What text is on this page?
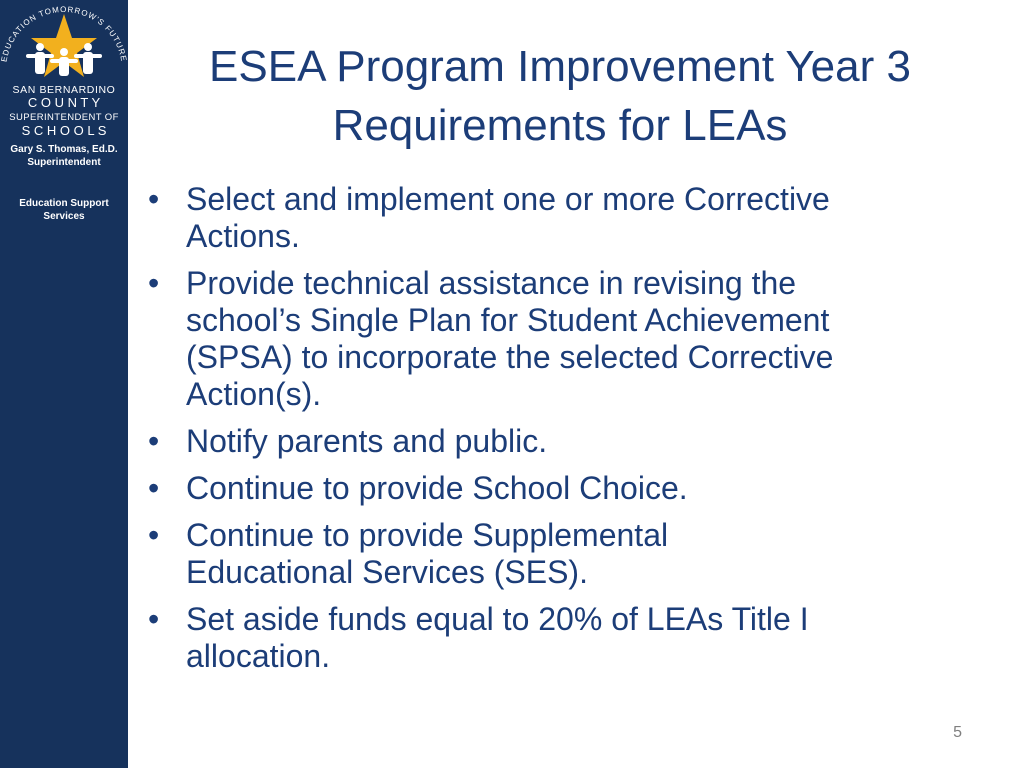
EDUCATION TOMORROW'S FUTURE
SAN BERNARDINO
C O U N T Y
SUPERINTENDENT OF
S C H O O L S
Gary S. Thomas, Ed.D.
Superintendent
Education Support
Services
ESEA Program Improvement Year 3
Requirements for LEAs
• Select and implement one or more Corrective
Actions.
• Provide technical assistance in revising the
school’s Single Plan for Student Achievement
(SPSA) to incorporate the selected Corrective
Action(s).
• Notify parents and public.
• Continue to provide School Choice.
• Continue to provide Supplemental
Educational Services (SES).
• Set aside funds equal to 20% of LEAs Title I
allocation.
5
